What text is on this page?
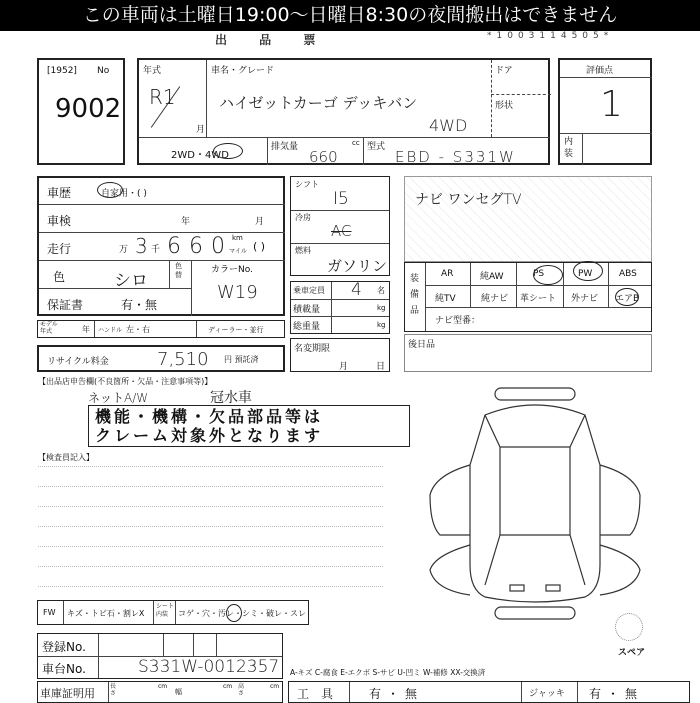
この車両は土曜日19:00～日曜日8:30の夜間搬出はできません
出 品 票	*1003114505*
[1952] No
9002
年式
R1
月
車名・グレード
ハイゼットカーゴ デッキバン
4WD
ドア
形状
2WD・4WD
排気量	cc
660
型式
EBD - S331W
評価点
1
内装
車歴	自家用・( )
車検	年	月
走行	万 3 千 6 6 0 km
マイル ( )
色	シロ
色替	カラーNo.
W19
保証書	有・無
モデル年式	年 ハンドル 左・右	ディーラー・並行
リサイクル料金	7,510 円 預託済
シフト
I5
冷房
AC
燃料
ガソリン
乗車定員 4 名
積載量	kg
総重量	kg
名変期限
月	日
ナビ ワンセグTV
装備品
AR	純AW	PS	PW	ABS
純TV	純ナビ 革シート 外ナビ エアB
ナビ型番：
後日品
【出品店申告欄(不良箇所・欠品・注意事項等)】
ネットA/W	冠水車
機能・機構・欠品部品等は
クレーム対象外となります
【検査員記入】
スペア
A-キズ C-腐食 E-エクボ S-サビ U-凹ミ W-補修 XX-交換済
FW キズ・トビ石・割レX
シート内装	コゲ・穴・汚レ・シミ・破レ・スレ
登録No.
車台No.	S331W-0012357
車庫証明用
長さ
cm
幅
cm 高さ
cm
工具 有・無	ジャッキ 有・無
